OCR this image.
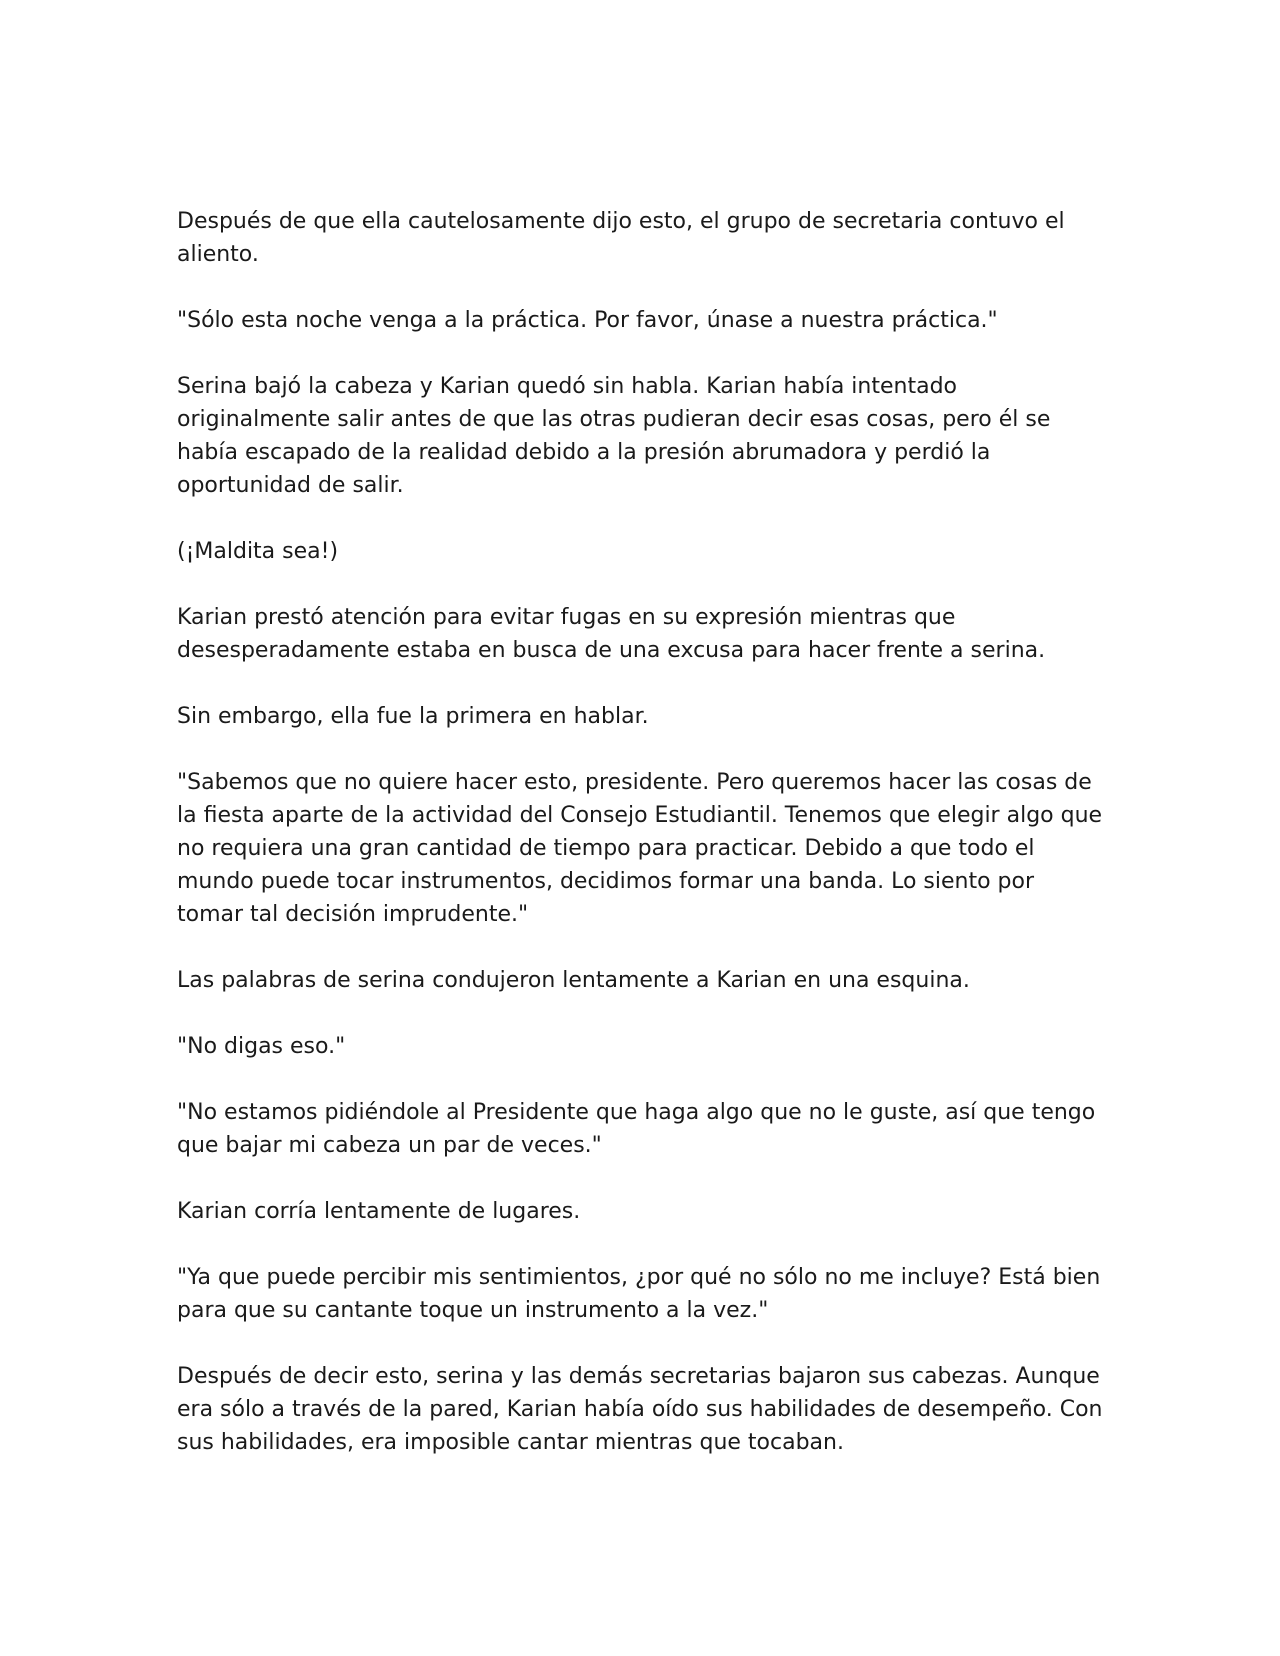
Después de que ella cautelosamente dijo esto, el grupo de secretaria contuvo el aliento.

"Sólo esta noche venga a la práctica. Por favor, únase a nuestra práctica."

Serina bajó la cabeza y Karian quedó sin habla. Karian había intentado originalmente salir antes de que las otras pudieran decir esas cosas, pero él se había escapado de la realidad debido a la presión abrumadora y perdió la oportunidad de salir.

(¡Maldita sea!)

Karian prestó atención para evitar fugas en su expresión mientras que desesperadamente estaba en busca de una excusa para hacer frente a serina.

Sin embargo, ella fue la primera en hablar.

"Sabemos que no quiere hacer esto, presidente. Pero queremos hacer las cosas de la fiesta aparte de la actividad del Consejo Estudiantil. Tenemos que elegir algo que no requiera una gran cantidad de tiempo para practicar. Debido a que todo el mundo puede tocar instrumentos, decidimos formar una banda. Lo siento por tomar tal decisión imprudente."

Las palabras de serina condujeron lentamente a Karian en una esquina.

"No digas eso."

"No estamos pidiéndole al Presidente que haga algo que no le guste, así que tengo que bajar mi cabeza un par de veces."

Karian corría lentamente de lugares.

"Ya que puede percibir mis sentimientos, ¿por qué no sólo no me incluye? Está bien para que su cantante toque un instrumento a la vez."

Después de decir esto, serina y las demás secretarias bajaron sus cabezas. Aunque era sólo a través de la pared, Karian había oído sus habilidades de desempeño. Con sus habilidades, era imposible cantar mientras que tocaban.
